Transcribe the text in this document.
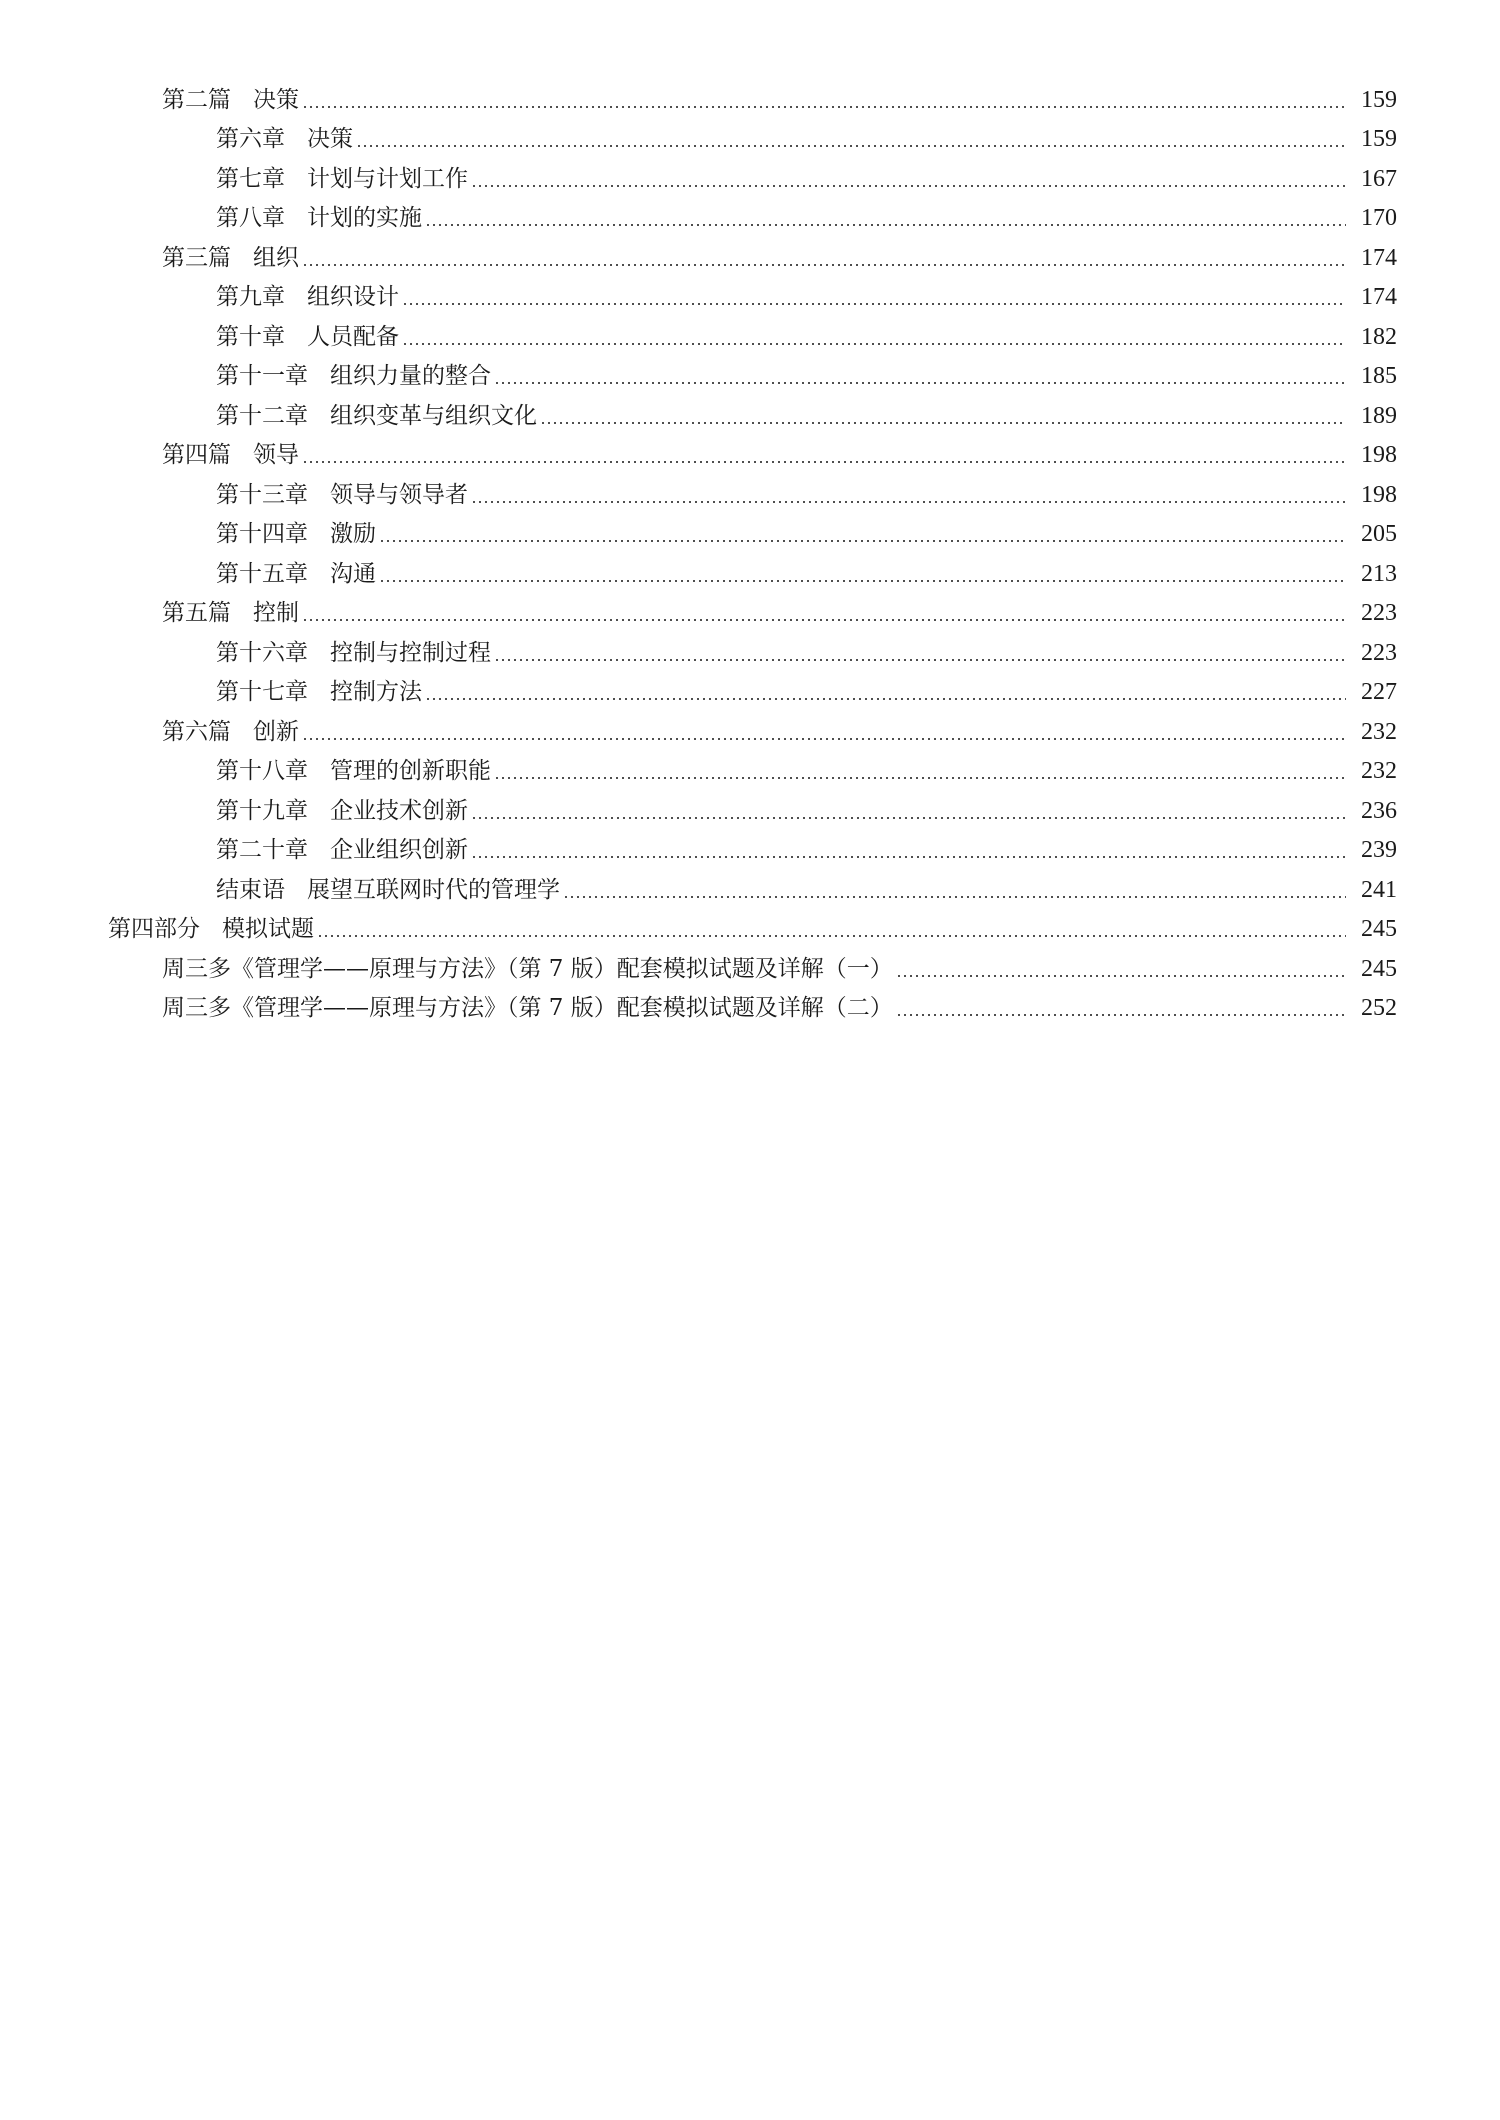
第二篇 决策	159
第六章 决策	159
第七章 计划与计划工作	167
第八章 计划的实施	170
第三篇 组织	174
第九章 组织设计	174
第十章 人员配备	182
第十一章 组织力量的整合	185
第十二章 组织变革与组织文化	189
第四篇 领导	198
第十三章 领导与领导者	198
第十四章 激励	205
第十五章 沟通	213
第五篇 控制	223
第十六章 控制与控制过程	223
第十七章 控制方法	227
第六篇 创新	232
第十八章 管理的创新职能	232
第十九章 企业技术创新	236
第二十章 企业组织创新	239
结束语 展望互联网时代的管理学	241
第四部分 模拟试题	245
周三多《管理学——原理与方法》（第 7 版）配套模拟试题及详解（一）	245
周三多《管理学——原理与方法》（第 7 版）配套模拟试题及详解（二）	252
